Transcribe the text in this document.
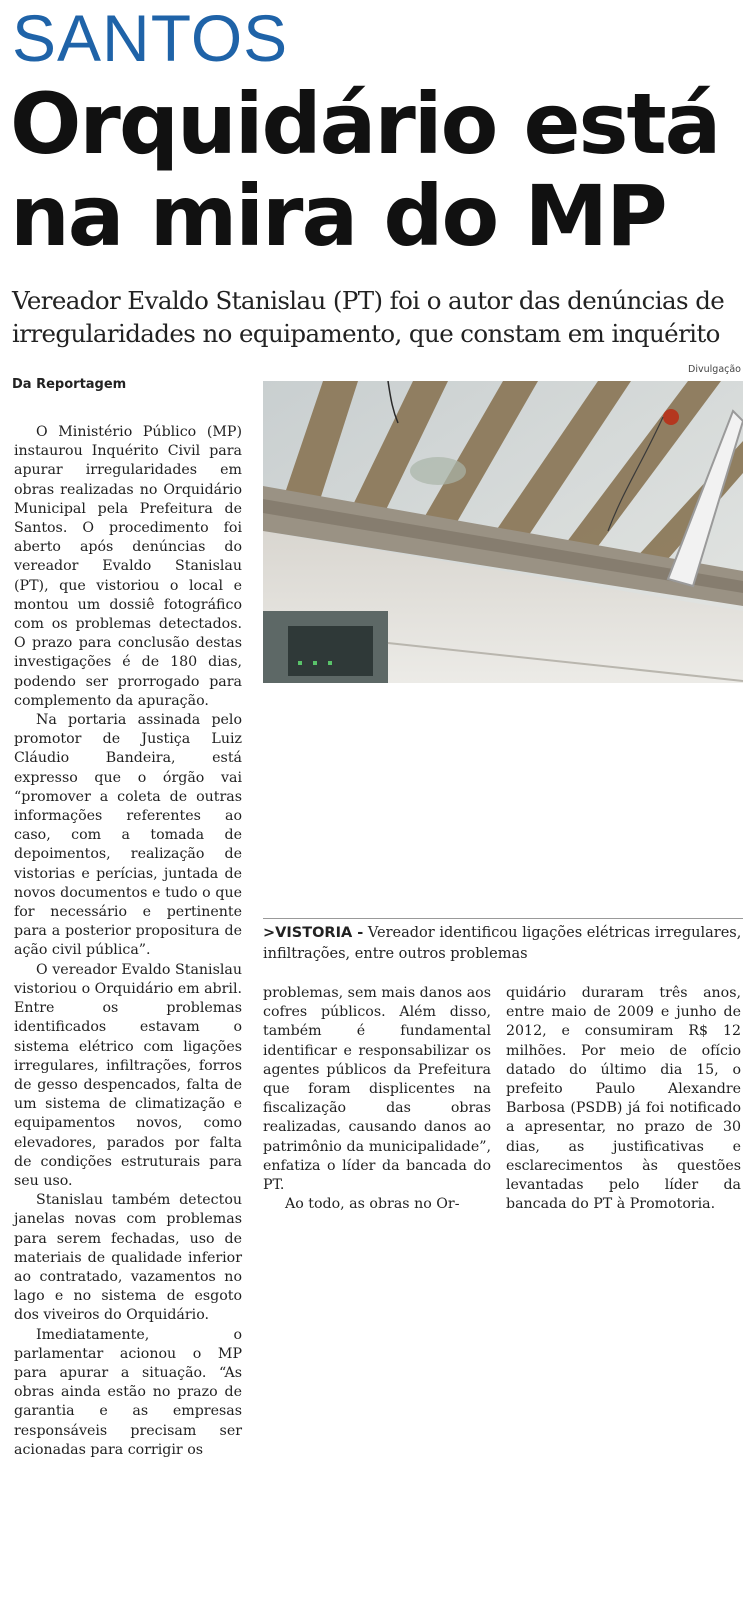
SANTOS
Orquidário está na mira do MP
Vereador Evaldo Stanislau (PT) foi o autor das denúncias de irregularidades no equipamento, que constam em inquérito
Da Reportagem
Divulgação
>VISTORIA - Vereador identificou ligações elétricas irregulares, infiltrações, entre outros problemas

O Ministério Público (MP) instaurou Inquérito Civil para apurar irregularidades em obras realizadas no Orquidário Municipal pela Prefeitura de Santos. O procedimento foi aberto após denúncias do vereador Evaldo Stanislau (PT), que vistoriou o local e montou um dossiê fotográfico com os problemas detectados. O prazo para conclusão destas investigações é de 180 dias, podendo ser prorrogado para complemento da apuração.

Na portaria assinada pelo promotor de Justiça Luiz Cláudio Bandeira, está expresso que o órgão vai “promover a coleta de outras informações referentes ao caso, com a tomada de depoimentos, realização de vistorias e perícias, juntada de novos documentos e tudo o que for necessário e pertinente para a posterior propositura de ação civil pública”.

O vereador Evaldo Stanislau vistoriou o Orquidário em abril. Entre os problemas identificados estavam o sistema elétrico com ligações irregulares, infiltrações, forros de gesso despencados, falta de um sistema de climatização e equipamentos novos, como elevadores, parados por falta de condições estruturais para seu uso.

Stanislau também detectou janelas novas com problemas para serem fechadas, uso de materiais de qualidade inferior ao contratado, vazamentos no lago e no sistema de esgoto dos viveiros do Orquidário.

Imediatamente, o parlamentar acionou o MP para apurar a situação. “As obras ainda estão no prazo de garantia e as empresas responsáveis precisam ser acionadas para corrigir os

problemas, sem mais danos aos cofres públicos. Além disso, também é fundamental identificar e responsabilizar os agentes públicos da Prefeitura que foram displicentes na fiscalização das obras realizadas, causando danos ao patrimônio da municipalidade”, enfatiza o líder da bancada do PT.

Ao todo, as obras no Or-

quidário duraram três anos, entre maio de 2009 e junho de 2012, e consumiram R$ 12 milhões. Por meio de ofício datado do último dia 15, o prefeito Paulo Alexandre Barbosa (PSDB) já foi notificado a apresentar, no prazo de 30 dias, as justificativas e esclarecimentos às questões levantadas pelo líder da bancada do PT à Promotoria.
